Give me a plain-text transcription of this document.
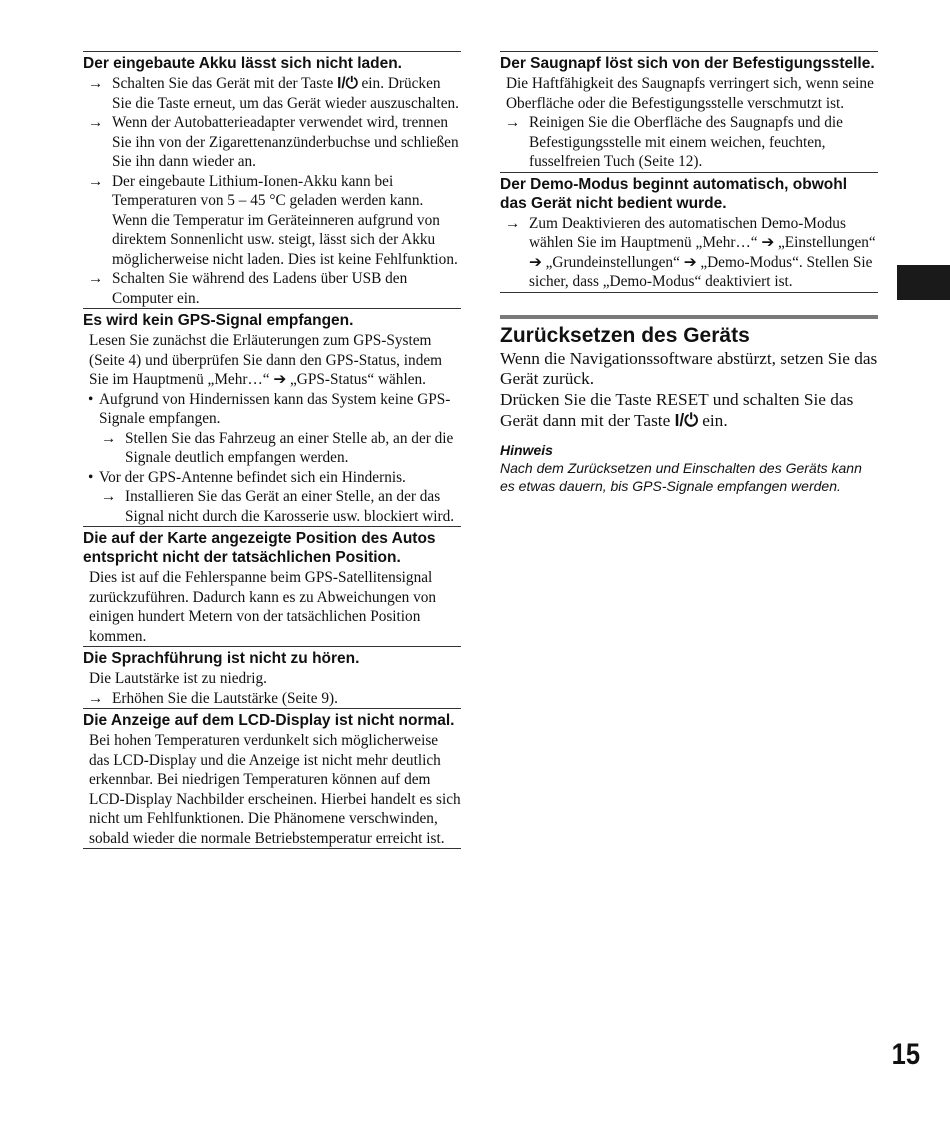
Der eingebaute Akku lässt sich nicht laden.
→ Schalten Sie das Gerät mit der Taste I/⏻ ein. Drücken Sie die Taste erneut, um das Gerät wieder auszuschalten.
→ Wenn der Autobatterieadapter verwendet wird, trennen Sie ihn von der Zigarettenanzünderbuchse und schließen Sie ihn dann wieder an.
→ Der eingebaute Lithium-Ionen-Akku kann bei Temperaturen von 5 – 45 °C geladen werden kann. Wenn die Temperatur im Geräteinneren aufgrund von direktem Sonnenlicht usw. steigt, lässt sich der Akku möglicherweise nicht laden. Dies ist keine Fehlfunktion.
→ Schalten Sie während des Ladens über USB den Computer ein.
Es wird kein GPS-Signal empfangen.
Lesen Sie zunächst die Erläuterungen zum GPS-System (Seite 4) und überprüfen Sie dann den GPS-Status, indem Sie im Hauptmenü „Mehr…“ ➔ „GPS-Status“ wählen.
• Aufgrund von Hindernissen kann das System keine GPS-Signale empfangen.
→ Stellen Sie das Fahrzeug an einer Stelle ab, an der die Signale deutlich empfangen werden.
• Vor der GPS-Antenne befindet sich ein Hindernis.
→ Installieren Sie das Gerät an einer Stelle, an der das Signal nicht durch die Karosserie usw. blockiert wird.
Die auf der Karte angezeigte Position des Autos entspricht nicht der tatsächlichen Position.
Dies ist auf die Fehlerspanne beim GPS-Satellitensignal zurückzuführen. Dadurch kann es zu Abweichungen von einigen hundert Metern von der tatsächlichen Position kommen.
Die Sprachführung ist nicht zu hören.
Die Lautstärke ist zu niedrig.
→ Erhöhen Sie die Lautstärke (Seite 9).
Die Anzeige auf dem LCD-Display ist nicht normal.
Bei hohen Temperaturen verdunkelt sich möglicherweise das LCD-Display und die Anzeige ist nicht mehr deutlich erkennbar. Bei niedrigen Temperaturen können auf dem LCD-Display Nachbilder erscheinen. Hierbei handelt es sich nicht um Fehlfunktionen. Die Phänomene verschwinden, sobald wieder die normale Betriebstemperatur erreicht ist.
Der Saugnapf löst sich von der Befestigungsstelle.
Die Haftfähigkeit des Saugnapfs verringert sich, wenn seine Oberfläche oder die Befestigungsstelle verschmutzt ist.
→ Reinigen Sie die Oberfläche des Saugnapfs und die Befestigungsstelle mit einem weichen, feuchten, fusselfreien Tuch (Seite 12).
Der Demo-Modus beginnt automatisch, obwohl das Gerät nicht bedient wurde.
→ Zum Deaktivieren des automatischen Demo-Modus wählen Sie im Hauptmenü „Mehr…“ ➔ „Einstellungen“ ➔ „Grundeinstellungen“ ➔ „Demo-Modus“. Stellen Sie sicher, dass „Demo-Modus“ deaktiviert ist.
Zurücksetzen des Geräts
Wenn die Navigationssoftware abstürzt, setzen Sie das Gerät zurück.
Drücken Sie die Taste RESET und schalten Sie das Gerät dann mit der Taste I/⏻ ein.
Hinweis
Nach dem Zurücksetzen und Einschalten des Geräts kann es etwas dauern, bis GPS-Signale empfangen werden.
15
